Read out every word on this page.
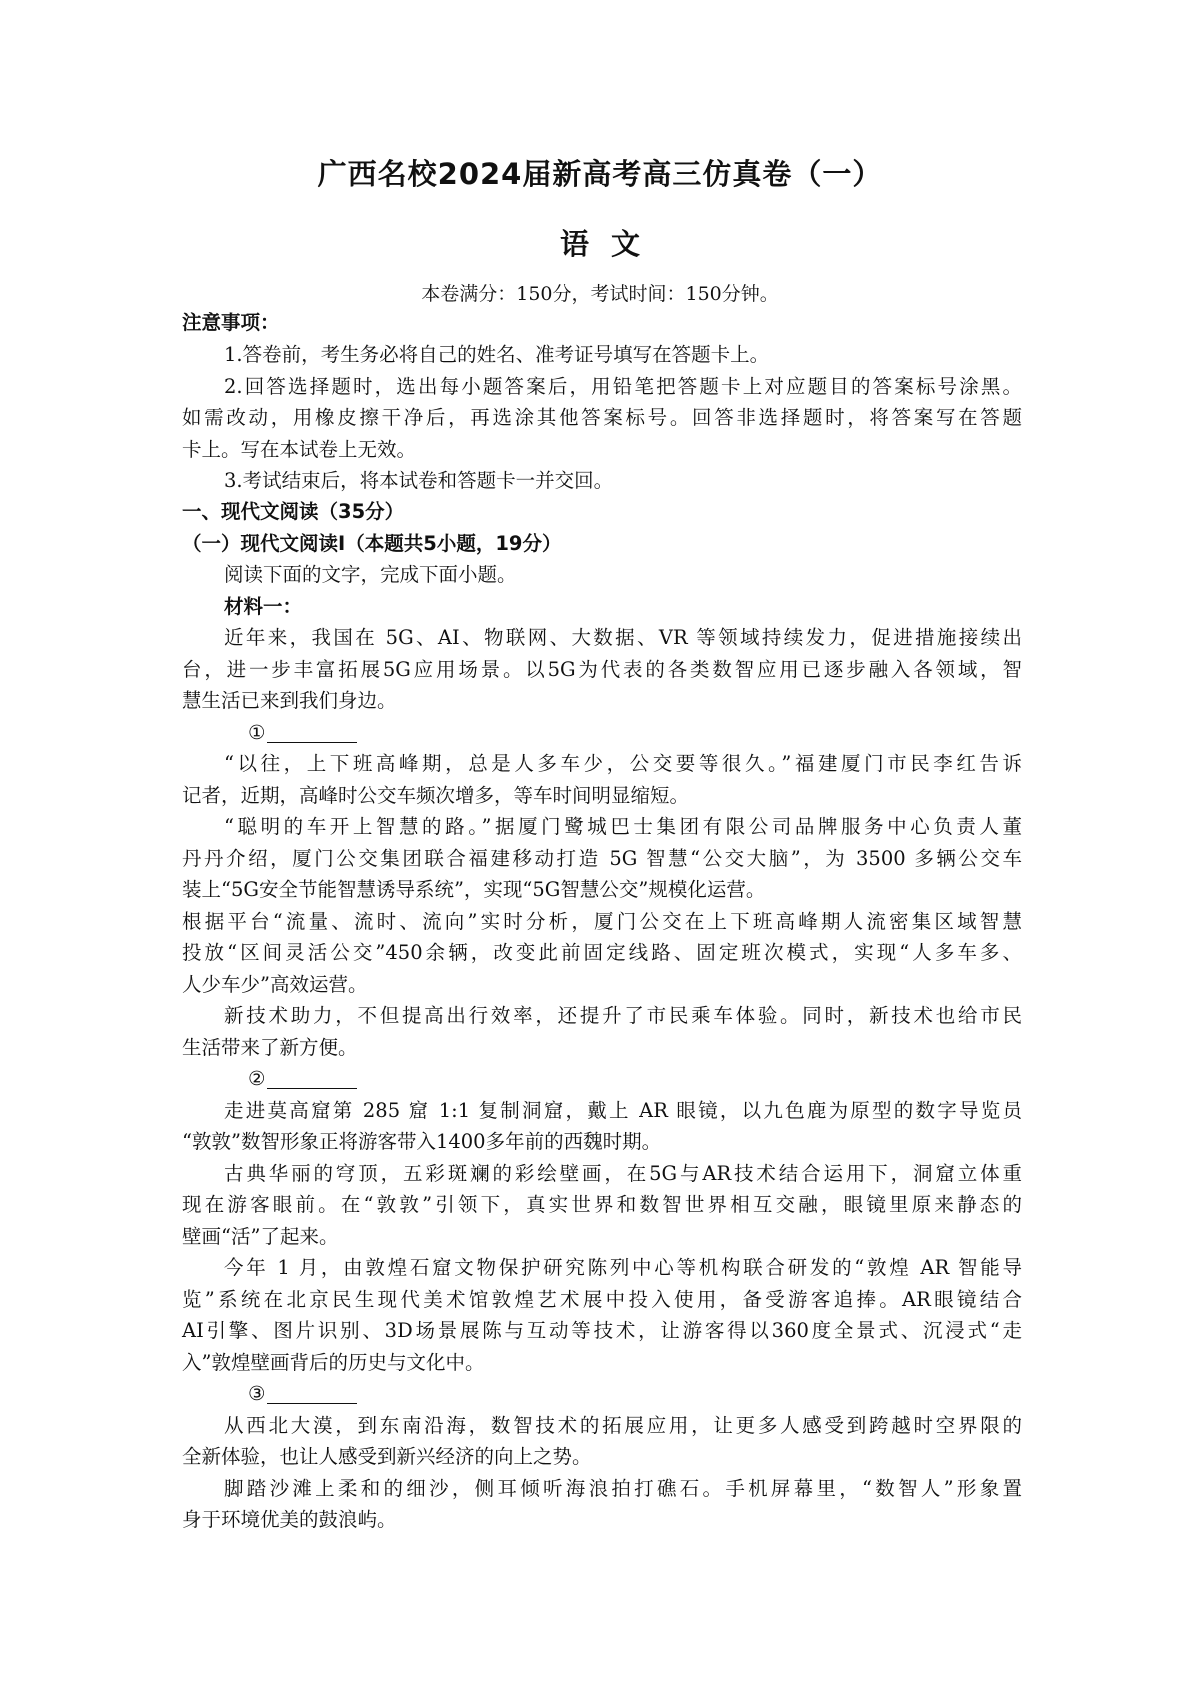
广西名校2024届新高考高三仿真卷（一）
语文
本卷满分：150分，考试时间：150分钟。
注意事项：
1.答卷前，考生务必将自己的姓名、准考证号填写在答题卡上。
2.回答选择题时，选出每小题答案后，用铅笔把答题卡上对应题目的答案标号涂黑。
如需改动，用橡皮擦干净后，再选涂其他答案标号。回答非选择题时，将答案写在答题
卡上。写在本试卷上无效。
3.考试结束后，将本试卷和答题卡一并交回。
一、现代文阅读（35分）
（一）现代文阅读Ⅰ（本题共5小题，19分）
阅读下面的文字，完成下面小题。
材料一：
近年来，我国在 5G、AI、物联网、大数据、VR 等领域持续发力，促进措施接续出
台，进一步丰富拓展5G应用场景。以5G为代表的各类数智应用已逐步融入各领域，智
慧生活已来到我们身边。
①
“以往，上下班高峰期，总是人多车少，公交要等很久。”福建厦门市民李红告诉
记者，近期，高峰时公交车频次增多，等车时间明显缩短。
“聪明的车开上智慧的路。”据厦门鹭城巴士集团有限公司品牌服务中心负责人董
丹丹介绍，厦门公交集团联合福建移动打造 5G 智慧“公交大脑”，为 3500 多辆公交车
装上“5G安全节能智慧诱导系统”，实现“5G智慧公交”规模化运营。
根据平台“流量、流时、流向”实时分析，厦门公交在上下班高峰期人流密集区域智慧
投放“区间灵活公交”450余辆，改变此前固定线路、固定班次模式，实现“人多车多、
人少车少”高效运营。
新技术助力，不但提高出行效率，还提升了市民乘车体验。同时，新技术也给市民
生活带来了新方便。
②
走进莫高窟第 285 窟 1:1 复制洞窟，戴上 AR 眼镜，以九色鹿为原型的数字导览员
“敦敦”数智形象正将游客带入1400多年前的西魏时期。
古典华丽的穹顶，五彩斑斓的彩绘壁画，在5G与AR技术结合运用下，洞窟立体重
现在游客眼前。在“敦敦”引领下，真实世界和数智世界相互交融，眼镜里原来静态的
壁画“活”了起来。
今年 1 月，由敦煌石窟文物保护研究陈列中心等机构联合研发的“敦煌 AR 智能导
览”系统在北京民生现代美术馆敦煌艺术展中投入使用，备受游客追捧。AR眼镜结合
AI引擎、图片识别、3D场景展陈与互动等技术，让游客得以360度全景式、沉浸式“走
入”敦煌壁画背后的历史与文化中。
③
从西北大漠，到东南沿海，数智技术的拓展应用，让更多人感受到跨越时空界限的
全新体验，也让人感受到新兴经济的向上之势。
脚踏沙滩上柔和的细沙，侧耳倾听海浪拍打礁石。手机屏幕里，“数智人”形象置
身于环境优美的鼓浪屿。
